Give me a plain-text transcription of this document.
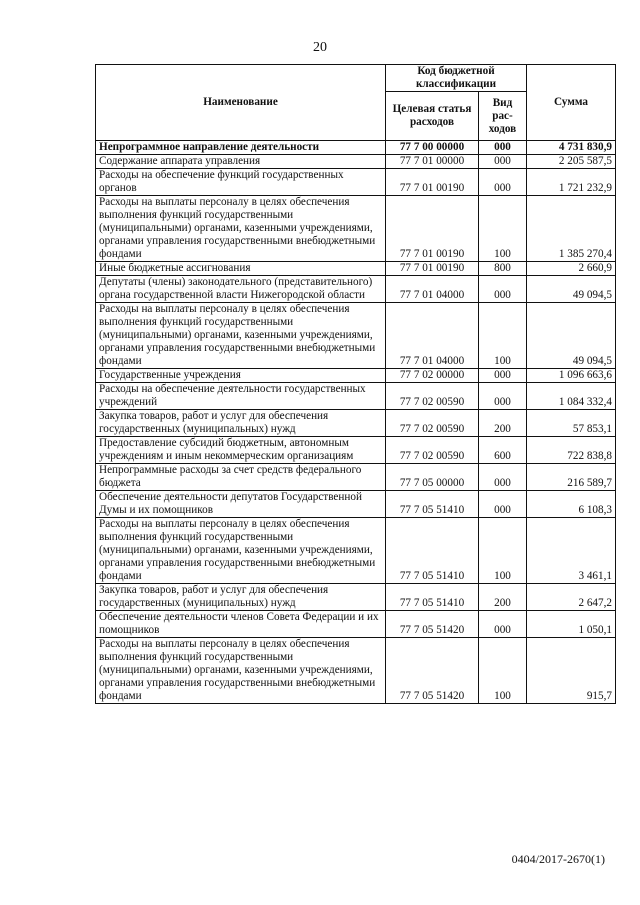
20
Наименование	Код бюджетной классификации		Сумма
	Целевая статья расходов	Вид рас-ходов	
Непрограммное направление деятельности	77 7 00 00000	000	4 731 830,9
Содержание аппарата управления	77 7 01 00000	000	2 205 587,5
Расходы на обеспечение функций государственных органов	77 7 01 00190	000	1 721 232,9
Расходы на выплаты персоналу в целях обеспечения выполнения функций государственными (муниципальными) органами, казенными учреждениями, органами управления государственными внебюджетными фондами	77 7 01 00190	100	1 385 270,4
Иные бюджетные ассигнования	77 7 01 00190	800	2 660,9
Депутаты (члены) законодательного (представительного) органа государственной власти Нижегородской области	77 7 01 04000	000	49 094,5
Расходы на выплаты персоналу в целях обеспечения выполнения функций государственными (муниципальными) органами, казенными учреждениями, органами управления государственными внебюджетными фондами	77 7 01 04000	100	49 094,5
Государственные учреждения	77 7 02 00000	000	1 096 663,6
Расходы на обеспечение деятельности государственных учреждений	77 7 02 00590	000	1 084 332,4
Закупка товаров, работ и услуг для обеспечения государственных (муниципальных) нужд	77 7 02 00590	200	57 853,1
Предоставление субсидий бюджетным, автономным учреждениям и иным некоммерческим организациям	77 7 02 00590	600	722 838,8
Непрограммные расходы за счет средств федерального бюджета	77 7 05 00000	000	216 589,7
Обеспечение деятельности депутатов Государственной Думы и их помощников	77 7 05 51410	000	6 108,3
Расходы на выплаты персоналу в целях обеспечения выполнения функций государственными (муниципальными) органами, казенными учреждениями, органами управления государственными внебюджетными фондами	77 7 05 51410	100	3 461,1
Закупка товаров, работ и услуг для обеспечения государственных (муниципальных) нужд	77 7 05 51410	200	2 647,2
Обеспечение деятельности членов Совета Федерации и их помощников	77 7 05 51420	000	1 050,1
Расходы на выплаты персоналу в целях обеспечения выполнения функций государственными (муниципальными) органами, казенными учреждениями, органами управления государственными внебюджетными фондами	77 7 05 51420	100	915,7
0404/2017-2670(1)
